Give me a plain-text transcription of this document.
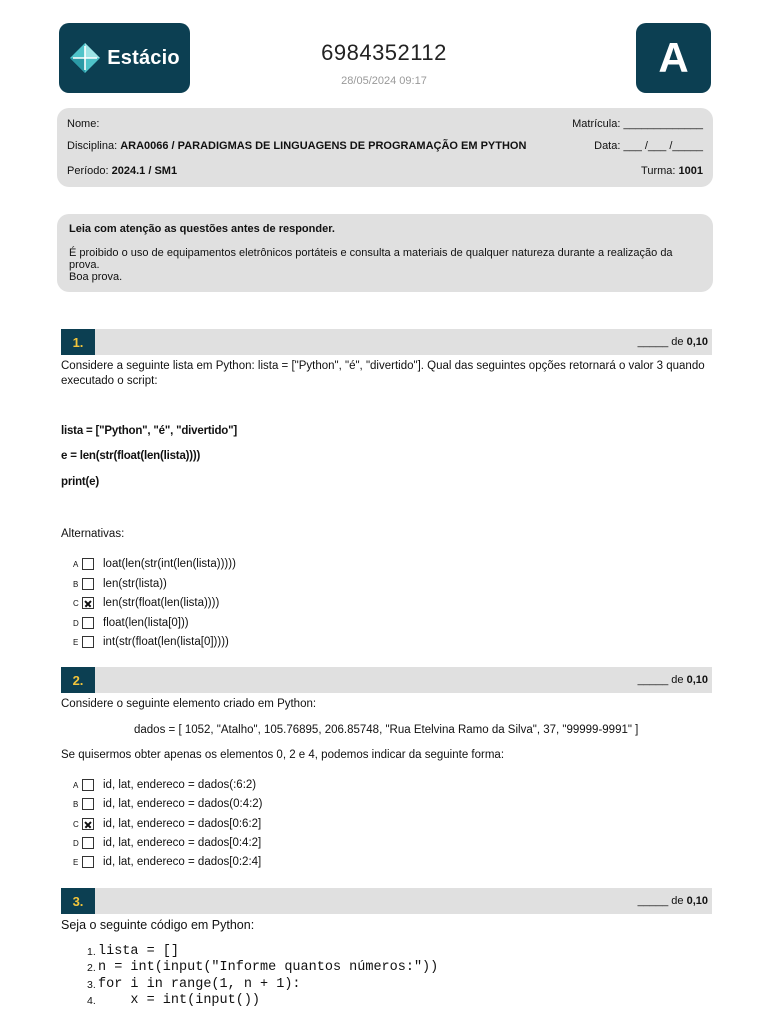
Estácio	6984352112
28/05/2024 09:17	A
Nome:	Matrícula: _____________
Disciplina: ARA0066 / PARADIGMAS DE LINGUAGENS DE PROGRAMAÇÃO EM PYTHON	Data: ___ /___ /_____
Período: 2024.1 / SM1	Turma: 1001

Leia com atenção as questões antes de responder.

É proibido o uso de equipamentos eletrônicos portáteis e consulta a materiais de qualquer natureza durante a realização da prova.

Boa prova.

1.	_____ de 0,10
Considere a seguinte lista em Python: lista = ["Python", "é", "divertido"]. Qual das seguintes opções retornará o valor 3 quando executado o script:
lista = ["Python", "é", "divertido"]
e = len(str(float(len(lista))))
print(e)
Alternativas:
A	loat(len(str(int(len(lista)))))
B	len(str(lista))
C len(str(float(len(lista))))
D float(len(lista[0]))
E	int(str(float(len(lista[0]))))
2.	_____ de 0,10
Considere o seguinte elemento criado em Python:
dados = [ 1052, "Atalho", 105.76895, 206.85748, "Rua Etelvina Ramo da Silva", 37, "99999-9991" ]
Se quisermos obter apenas os elementos 0, 2 e 4, podemos indicar da seguinte forma:
A	id, lat, endereco = dados(:6:2)
B	id, lat, endereco = dados(0:4:2)
C id, lat, endereco = dados[0:6:2]
D id, lat, endereco = dados[0:4:2]
E	id, lat, endereco = dados[0:2:4]
3.	_____ de 0,10
Seja o seguinte código em Python:
1. lista = []
2. n = int(input("Informe quantos números:"))
3. for i in range(1, n + 1):
4. x = int(input())
